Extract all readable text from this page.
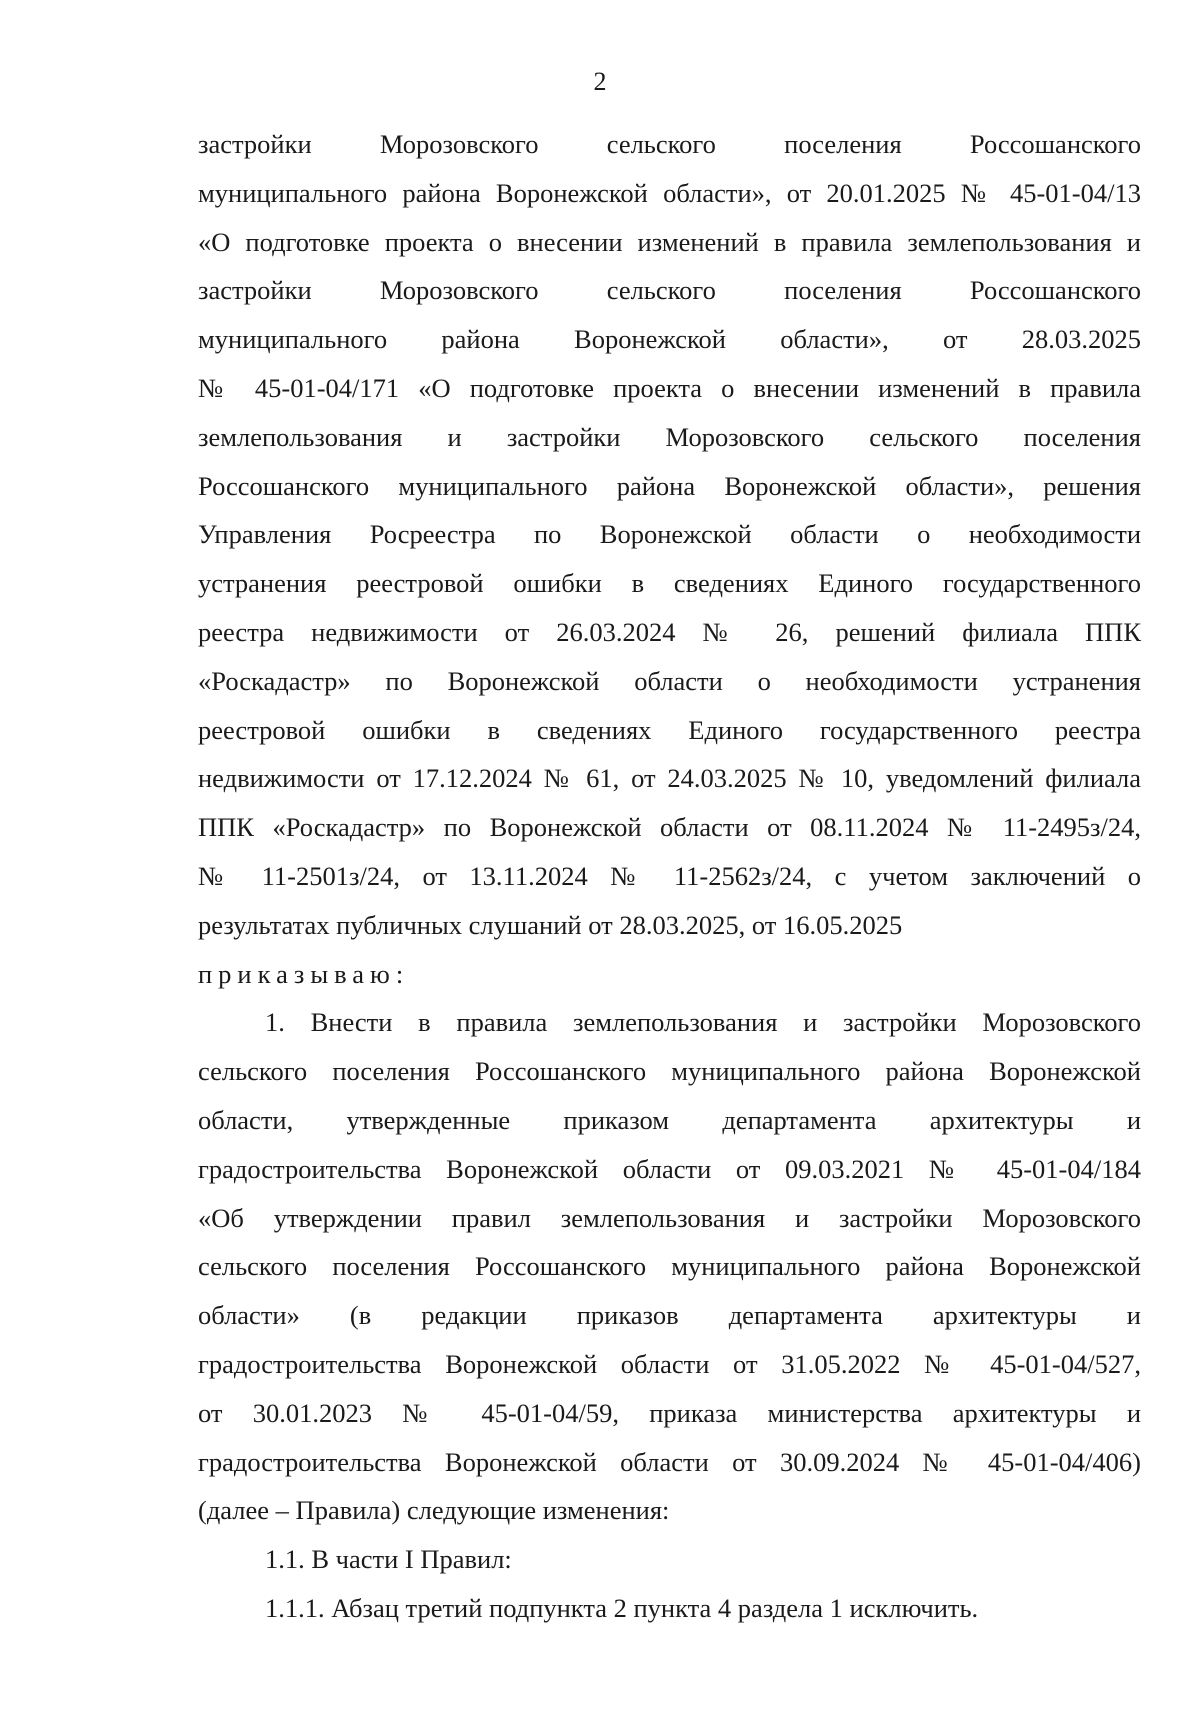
2

застройки Морозовского сельского поселения Россошанского

муниципального района Воронежской области», от 20.01.2025 № 45-01-04/13

«О подготовке проекта о внесении изменений в правила землепользования и

застройки Морозовского сельского поселения Россошанского

муниципального района Воронежской области», от 28.03.2025

№ 45-01-04/171 «О подготовке проекта о внесении изменений в правила

землепользования и застройки Морозовского сельского поселения

Россошанского муниципального района Воронежской области», решения

Управления Росреестра по Воронежской области о необходимости

устранения реестровой ошибки в сведениях Единого государственного

реестра недвижимости от 26.03.2024 № 26, решений филиала ППК

«Роскадастр» по Воронежской области о необходимости устранения

реестровой ошибки в сведениях Единого государственного реестра

недвижимости от 17.12.2024 № 61, от 24.03.2025 № 10, уведомлений филиала

ППК «Роскадастр» по Воронежской области от 08.11.2024 № 11-2495з/24,

№ 11-2501з/24, от 13.11.2024 № 11-2562з/24, с учетом заключений о

результатах публичных слушаний от 28.03.2025, от 16.05.2025

приказываю:

1. Внести в правила землепользования и застройки Морозовского

сельского поселения Россошанского муниципального района Воронежской

области, утвержденные приказом департамента архитектуры и

градостроительства Воронежской области от 09.03.2021 № 45-01-04/184

«Об утверждении правил землепользования и застройки Морозовского

сельского поселения Россошанского муниципального района Воронежской

области» (в редакции приказов департамента архитектуры и

градостроительства Воронежской области от 31.05.2022 № 45-01-04/527,

от 30.01.2023 № 45-01-04/59, приказа министерства архитектуры и

градостроительства Воронежской области от 30.09.2024 № 45-01-04/406)

(далее – Правила) следующие изменения:

1.1. В части I Правил:

1.1.1. Абзац третий подпункта 2 пункта 4 раздела 1 исключить.
